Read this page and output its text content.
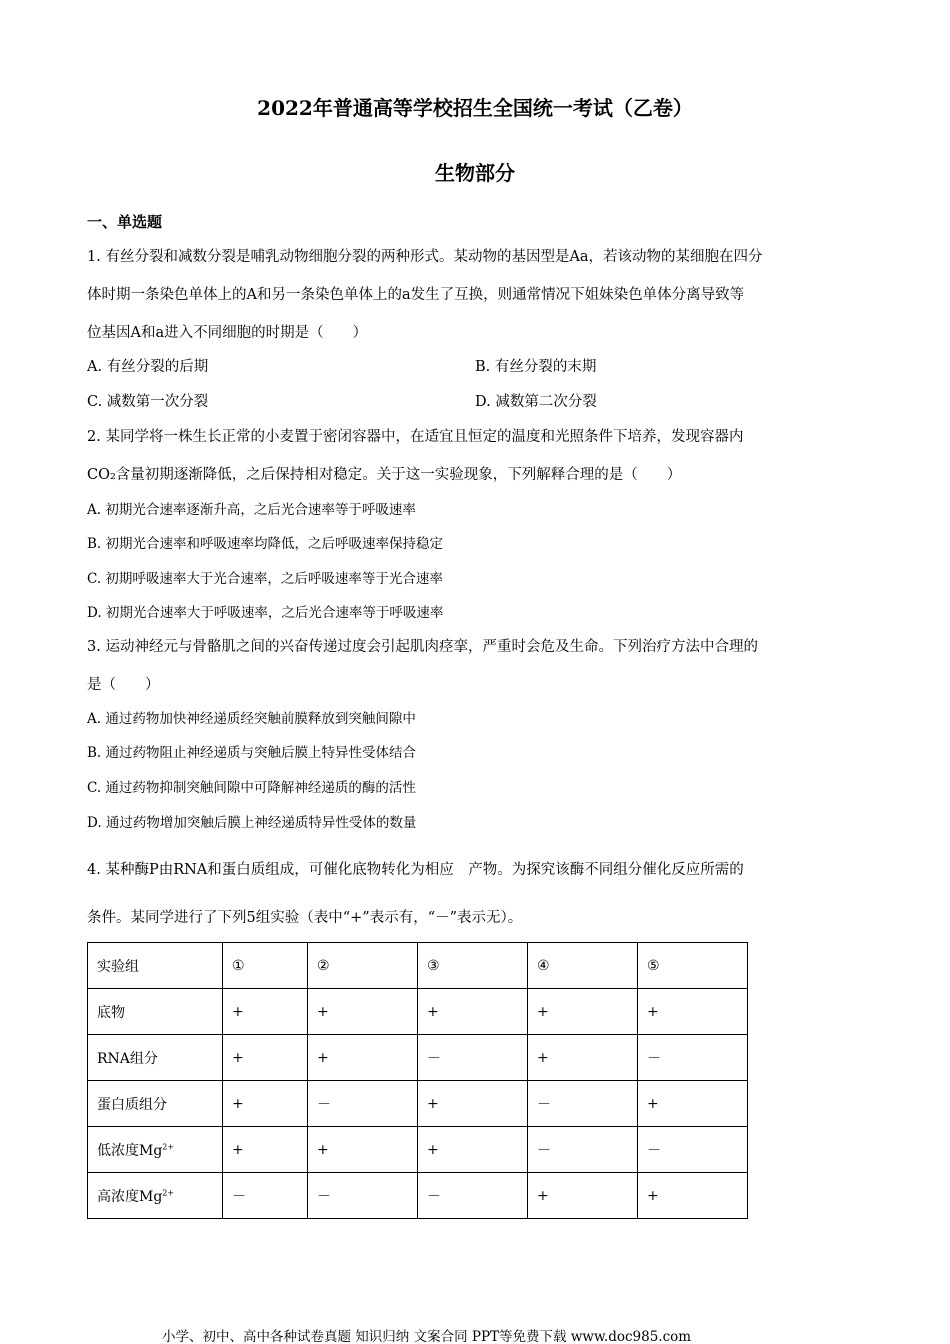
2022年普通高等学校招生全国统一考试（乙卷）
生物部分
一、单选题
1. 有丝分裂和减数分裂是哺乳动物细胞分裂的两种形式。某动物的基因型是Aa，若该动物的某细胞在四分
体时期一条染色单体上的A和另一条染色单体上的a发生了互换，则通常情况下姐妹染色单体分离导致等
位基因A和a进入不同细胞的时期是（　　）
A. 有丝分裂的后期	B. 有丝分裂的末期
C. 减数第一次分裂	D. 减数第二次分裂
2. 某同学将一株生长正常的小麦置于密闭容器中，在适宜且恒定的温度和光照条件下培养，发现容器内
CO₂含量初期逐渐降低，之后保持相对稳定。关于这一实验现象，下列解释合理的是（　　）
A. 初期光合速率逐渐升高，之后光合速率等于呼吸速率
B. 初期光合速率和呼吸速率均降低，之后呼吸速率保持稳定
C. 初期呼吸速率大于光合速率，之后呼吸速率等于光合速率
D. 初期光合速率大于呼吸速率，之后光合速率等于呼吸速率
3. 运动神经元与骨骼肌之间的兴奋传递过度会引起肌肉痉挛，严重时会危及生命。下列治疗方法中合理的
是（　　）
A. 通过药物加快神经递质经突触前膜释放到突触间隙中
B. 通过药物阻止神经递质与突触后膜上特异性受体结合
C. 通过药物抑制突触间隙中可降解神经递质的酶的活性
D. 通过药物增加突触后膜上神经递质特异性受体的数量
4. 某种酶P由RNA和蛋白质组成，可催化底物转化为相应　产物。为探究该酶不同组分催化反应所需的
条件。某同学进行了下列5组实验（表中“+”表示有，“－”表示无）。
实验组	①	②	③	④	⑤
底物	+	+	+	+	+
RNA组分	+	+	－	+	－
蛋白质组分	+	－	+	－	+
低浓度$Mg^{2+}$	+	+	+	－	－
高浓度$Mg^{2+}$	－	－	－	+	+
小学、初中、高中各种试卷真题 知识归纳 文案合同 PPT等免费下载 www.doc985.com
